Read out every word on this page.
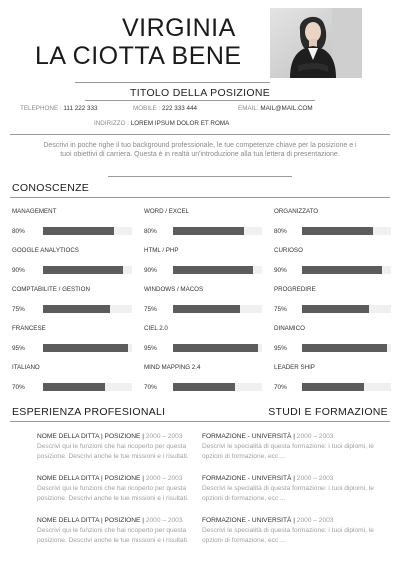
VIRGINIA
LA CIOTTA BENE
TITOLO DELLA POSIZIONE
TELEPHONE : 111 222 333	MOBILE : 222 333 444	EMAIL: MAIL@MAIL.COM
INDIRIZZO : LOREM IPSUM DOLOR ET ROMA
Descrivi in poche righe il tuo background professionale, le tue competenze chiave per la posizione e i tuoi obiettivi di carriera. Questa è in realtà un'introduzione alla tua lettera di presentazione.
CONOSCENZE
MANAGEMENT
80%
WORD / EXCEL
80%
ORGANIZZATO
80%
GOOGLE ANALYTIOCS
90%
HTML / PHP
90%
CURIOSO
90%
COMPTABILITE / GESTION
75%
WINDOWS / MACOS
75%
PROGREDIRE
75%
FRANCESE
95%
CIEL 2.0
95%
DINAMICO
95%
ITALIANO
70%
MIND MAPPING 2.4
70%
LEADER SHIP
70%
ESPERIENZA PROFESIONALI	STUDI E FORMAZIONE
NOME DELLA DITTA | POSIZIONE | 2000 – 2003
Descrivi qui le funzioni che hai ricoperto per questa posizione. Descrivi anche le tue missioni e i risultati.
NOME DELLA DITTA | POSIZIONE | 2000 – 2003
Descrivi qui le funzioni che hai ricoperto per questa posizione. Descrivi anche le tue missioni e i risultati.
NOME DELLA DITTA | POSIZIONE | 2000 – 2003
Descrivi qui le funzioni che hai ricoperto per questa posizione. Descrivi anche le tue missioni e i risultati.
FORMAZIONE - UNIVERSITÀ | 2000 – 2003
Descrivi le specialità di questa formazione: i tuoi diplomi, le opzioni di formazione, ecc ...
FORMAZIONE - UNIVERSITÀ | 2000 – 2003
Descrivi le specialità di questa formazione: i tuoi diplomi, le opzioni di formazione, ecc ...
FORMAZIONE - UNIVERSITÀ | 2000 – 2003
Descrivi le specialità di questa formazione: i tuoi diplomi, le opzioni di formazione, ecc ...
